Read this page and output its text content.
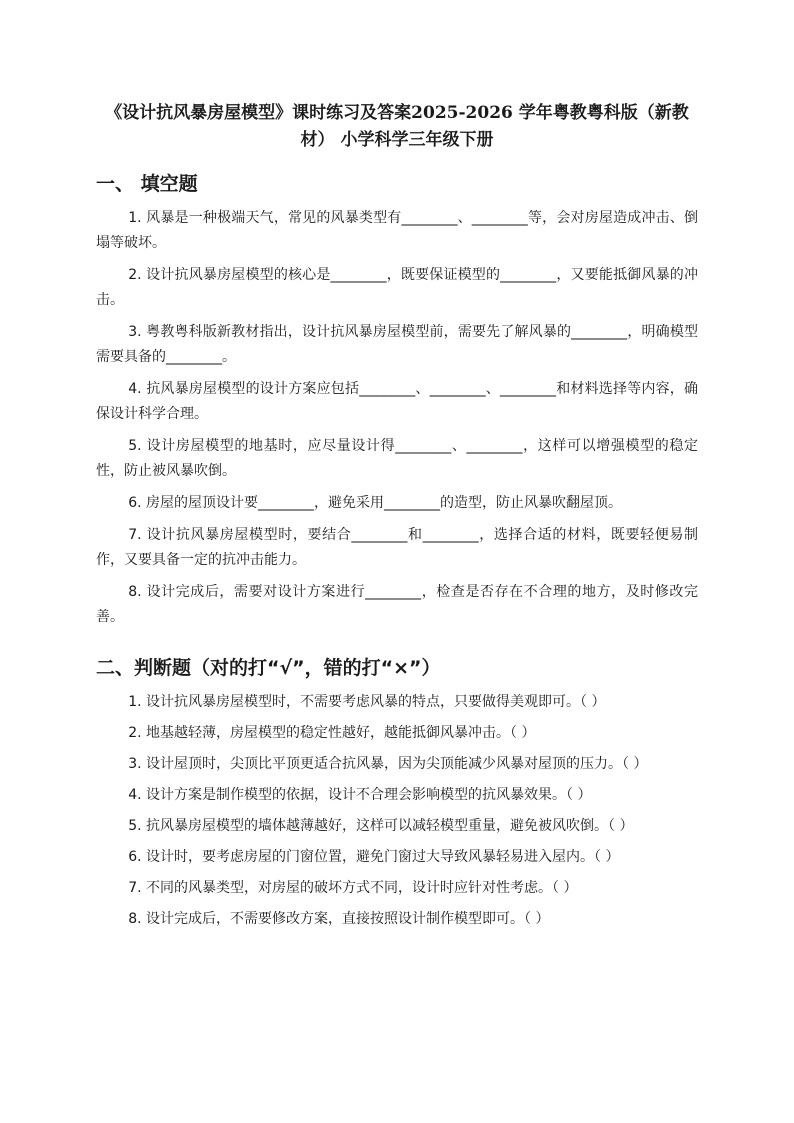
《设计抗风暴房屋模型》课时练习及答案2025-2026 学年粤教粤科版（新教材） 小学科学三年级下册
一、 填空题

1. 风暴是一种极端天气，常见的风暴类型有________、________等，会对房屋造成冲击、倒塌等破坏。

2. 设计抗风暴房屋模型的核心是________，既要保证模型的________，又要能抵御风暴的冲击。

3. 粤教粤科版新教材指出，设计抗风暴房屋模型前，需要先了解风暴的________，明确模型需要具备的________。

4. 抗风暴房屋模型的设计方案应包括________、________、________和材料选择等内容，确保设计科学合理。

5. 设计房屋模型的地基时，应尽量设计得________、________，这样可以增强模型的稳定性，防止被风暴吹倒。

6. 房屋的屋顶设计要________，避免采用________的造型，防止风暴吹翻屋顶。

7. 设计抗风暴房屋模型时，要结合________和________，选择合适的材料，既要轻便易制作，又要具备一定的抗冲击能力。

8. 设计完成后，需要对设计方案进行________，检查是否存在不合理的地方，及时修改完善。

二、判断题（对的打“√”，错的打“×”）

1. 设计抗风暴房屋模型时，不需要考虑风暴的特点，只要做得美观即可。（ ）

2. 地基越轻薄，房屋模型的稳定性越好，越能抵御风暴冲击。（ ）

3. 设计屋顶时，尖顶比平顶更适合抗风暴，因为尖顶能减少风暴对屋顶的压力。（ ）

4. 设计方案是制作模型的依据，设计不合理会影响模型的抗风暴效果。（ ）

5. 抗风暴房屋模型的墙体越薄越好，这样可以减轻模型重量，避免被风吹倒。（ ）

6. 设计时，要考虑房屋的门窗位置，避免门窗过大导致风暴轻易进入屋内。（ ）

7. 不同的风暴类型，对房屋的破坏方式不同，设计时应针对性考虑。（ ）

8. 设计完成后，不需要修改方案，直接按照设计制作模型即可。（ ）
